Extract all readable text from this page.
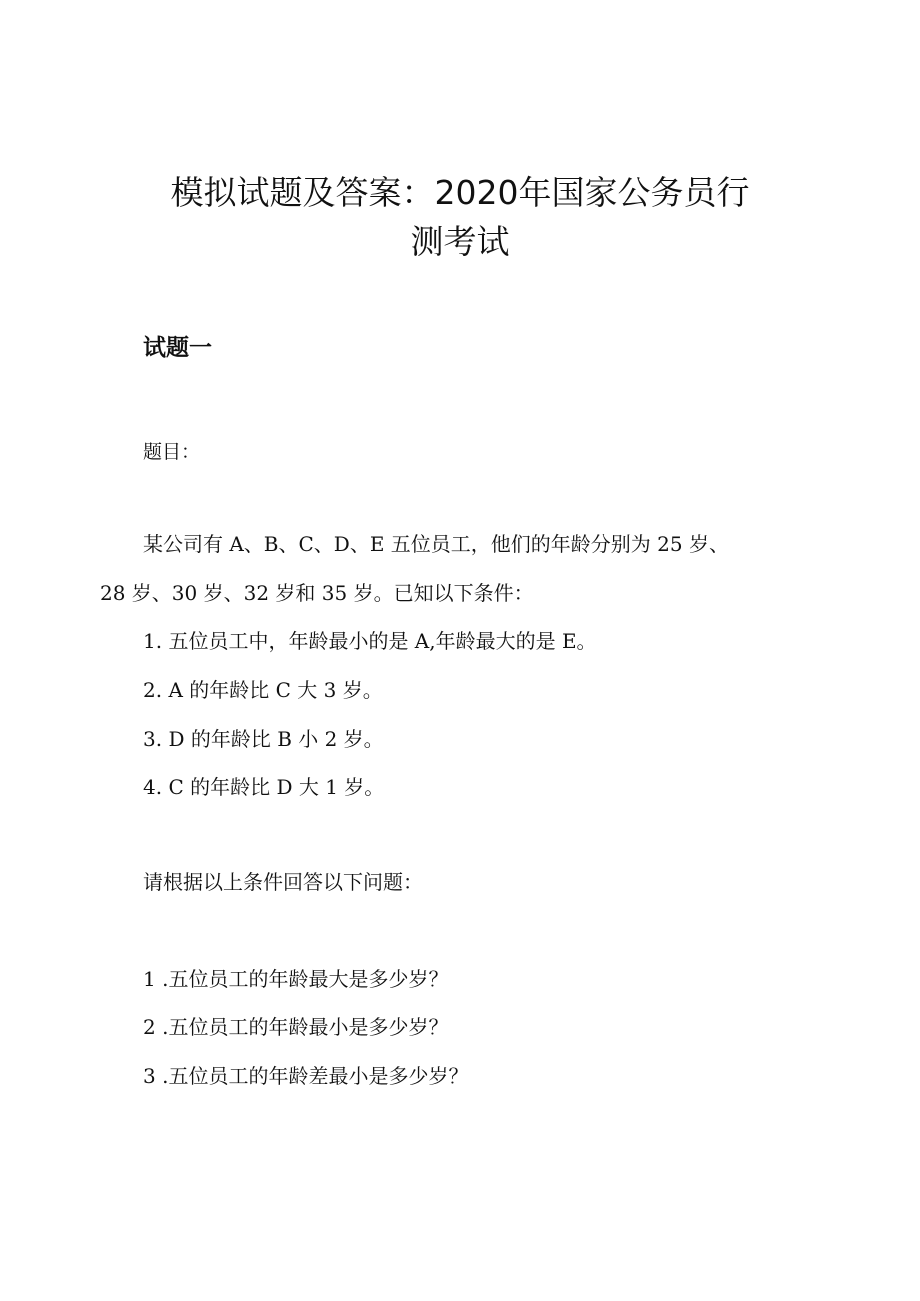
模拟试题及答案：2020年国家公务员行
测考试
试题一
题目：
某公司有 A、B、C、D、E 五位员工，他们的年龄分别为 25 岁、
28 岁、30 岁、32 岁和 35 岁。已知以下条件：
1. 五位员工中，年龄最小的是 A,年龄最大的是 E。
2. A 的年龄比 C 大 3 岁。
3. D 的年龄比 B 小 2 岁。
4. C 的年龄比 D 大 1 岁。
请根据以上条件回答以下问题：
1 .五位员工的年龄最大是多少岁？
2 .五位员工的年龄最小是多少岁？
3 .五位员工的年龄差最小是多少岁？
